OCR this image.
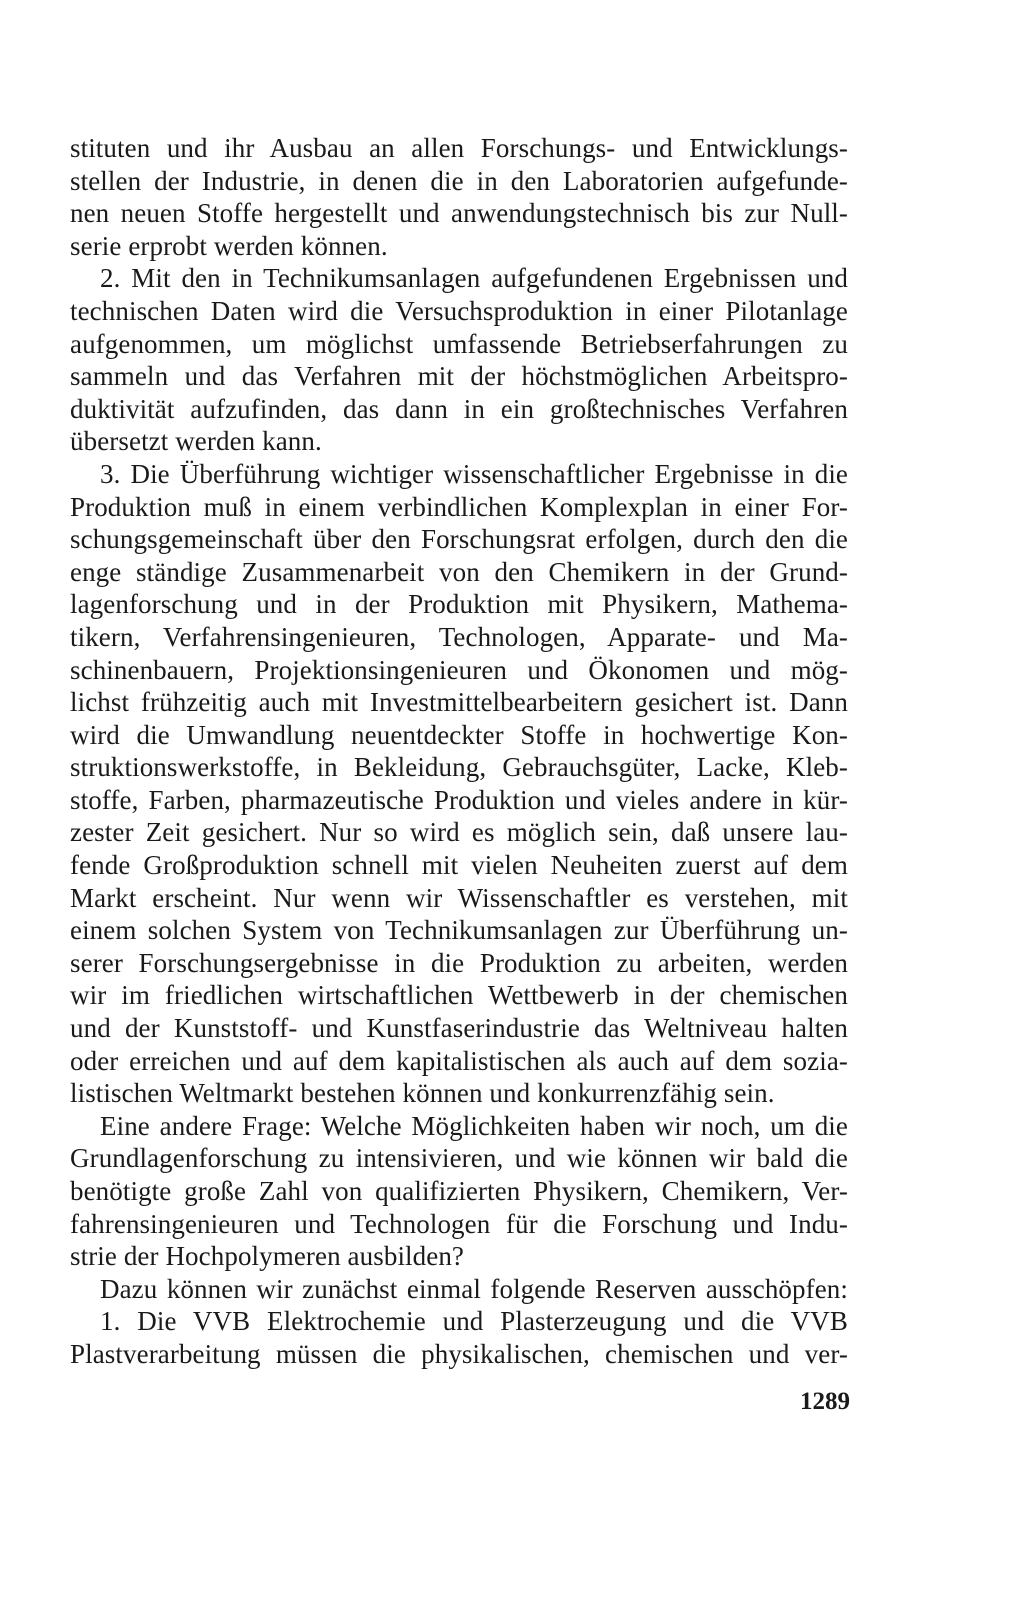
stituten und ihr Ausbau an allen Forschungs- und Entwicklungs-
stellen der Industrie, in denen die in den Laboratorien aufgefunde-
nen neuen Stoffe hergestellt und anwendungstechnisch bis zur Null-
serie erprobt werden können.
2. Mit den in Technikumsanlagen aufgefundenen Ergebnissen und
technischen Daten wird die Versuchsproduktion in einer Pilotanlage
aufgenommen, um möglichst umfassende Betriebserfahrungen zu
sammeln und das Verfahren mit der höchstmöglichen Arbeitspro-
duktivität aufzufinden, das dann in ein großtechnisches Verfahren
übersetzt werden kann.
3. Die Überführung wichtiger wissenschaftlicher Ergebnisse in die
Produktion muß in einem verbindlichen Komplexplan in einer For-
schungsgemeinschaft über den Forschungsrat erfolgen, durch den die
enge ständige Zusammenarbeit von den Chemikern in der Grund-
lagenforschung und in der Produktion mit Physikern, Mathema-
tikern, Verfahrensingenieuren, Technologen, Apparate- und Ma-
schinenbauern, Projektionsingenieuren und Ökonomen und mög-
lichst frühzeitig auch mit Investmittelbearbeitern gesichert ist. Dann
wird die Umwandlung neuentdeckter Stoffe in hochwertige Kon-
struktionswerkstoffe, in Bekleidung, Gebrauchsgüter, Lacke, Kleb-
stoffe, Farben, pharmazeutische Produktion und vieles andere in kür-
zester Zeit gesichert. Nur so wird es möglich sein, daß unsere lau-
fende Großproduktion schnell mit vielen Neuheiten zuerst auf dem
Markt erscheint. Nur wenn wir Wissenschaftler es verstehen, mit
einem solchen System von Technikumsanlagen zur Überführung un-
serer Forschungsergebnisse in die Produktion zu arbeiten, werden
wir im friedlichen wirtschaftlichen Wettbewerb in der chemischen
und der Kunststoff- und Kunstfaserindustrie das Weltniveau halten
oder erreichen und auf dem kapitalistischen als auch auf dem sozia-
listischen Weltmarkt bestehen können und konkurrenzfähig sein.
Eine andere Frage: Welche Möglichkeiten haben wir noch, um die
Grundlagenforschung zu intensivieren, und wie können wir bald die
benötigte große Zahl von qualifizierten Physikern, Chemikern, Ver-
fahrensingenieuren und Technologen für die Forschung und Indu-
strie der Hochpolymeren ausbilden?
Dazu können wir zunächst einmal folgende Reserven ausschöpfen:
1. Die VVB Elektrochemie und Plasterzeugung und die VVB
Plastverarbeitung müssen die physikalischen, chemischen und ver-
1289
